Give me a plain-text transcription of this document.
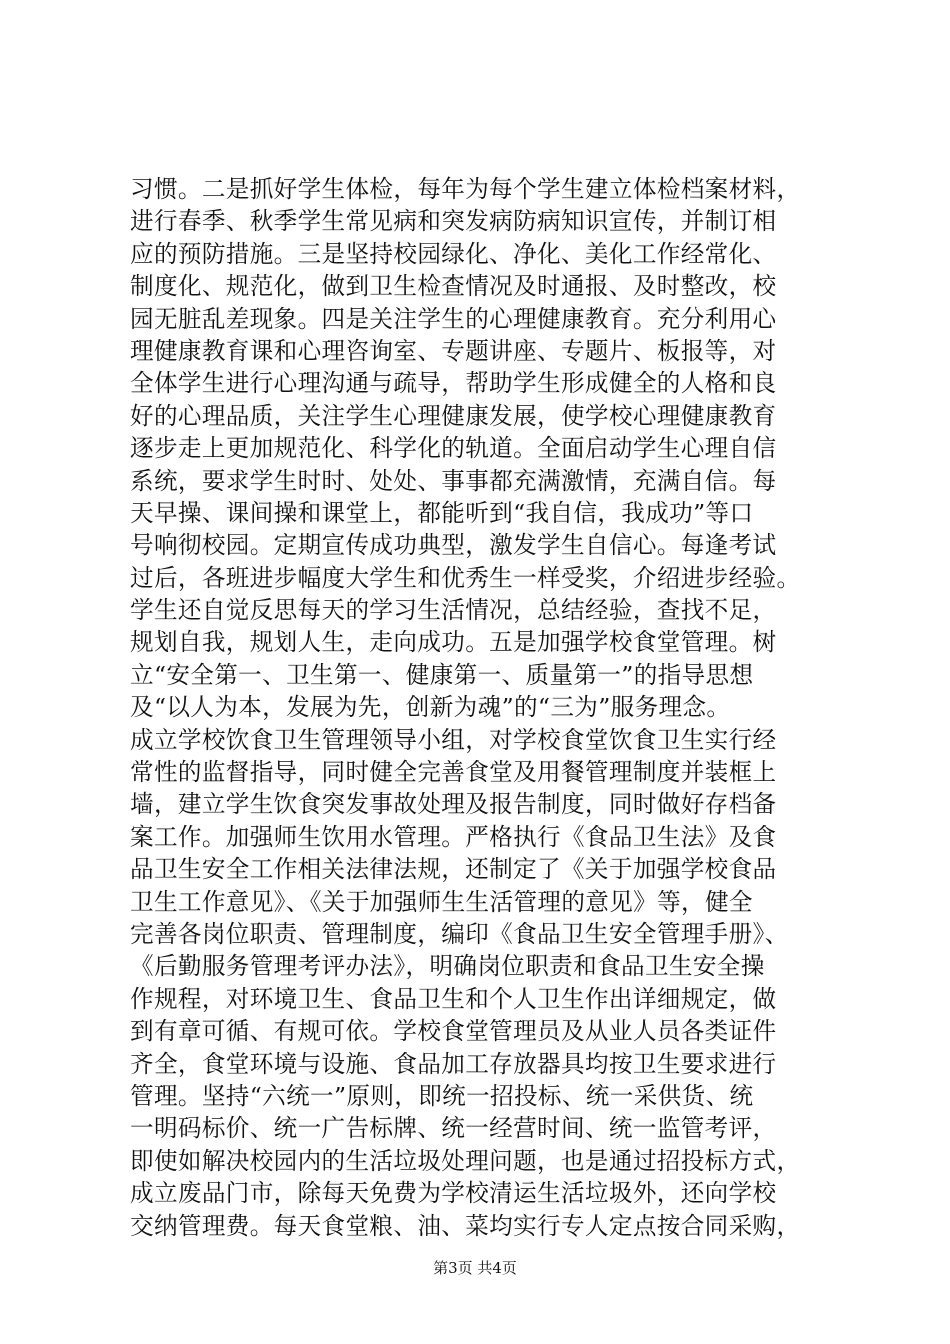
习惯。二是抓好学生体检，每年为每个学生建立体检档案材料，
进行春季、秋季学生常见病和突发病防病知识宣传，并制订相
应的预防措施。三是坚持校园绿化、净化、美化工作经常化、
制度化、规范化，做到卫生检查情况及时通报、及时整改，校
园无脏乱差现象。四是关注学生的心理健康教育。充分利用心
理健康教育课和心理咨询室、专题讲座、专题片、板报等，对
全体学生进行心理沟通与疏导，帮助学生形成健全的人格和良
好的心理品质，关注学生心理健康发展，使学校心理健康教育
逐步走上更加规范化、科学化的轨道。全面启动学生心理自信
系统，要求学生时时、处处、事事都充满激情，充满自信。每
天早操、课间操和课堂上，都能听到“我自信，我成功”等口
号响彻校园。定期宣传成功典型，激发学生自信心。每逢考试
过后，各班进步幅度大学生和优秀生一样受奖，介绍进步经验。
学生还自觉反思每天的学习生活情况，总结经验，查找不足，
规划自我，规划人生，走向成功。五是加强学校食堂管理。树
立“安全第一、卫生第一、健康第一、质量第一”的指导思想
及“以人为本，发展为先，创新为魂”的“三为”服务理念。
成立学校饮食卫生管理领导小组，对学校食堂饮食卫生实行经
常性的监督指导，同时健全完善食堂及用餐管理制度并装框上
墙，建立学生饮食突发事故处理及报告制度，同时做好存档备
案工作。加强师生饮用水管理。严格执行《食品卫生法》及食
品卫生安全工作相关法律法规，还制定了《关于加强学校食品
卫生工作意见》、《关于加强师生生活管理的意见》等，健全
完善各岗位职责、管理制度，编印《食品卫生安全管理手册》、
《后勤服务管理考评办法》，明确岗位职责和食品卫生安全操
作规程，对环境卫生、食品卫生和个人卫生作出详细规定，做
到有章可循、有规可依。学校食堂管理员及从业人员各类证件
齐全，食堂环境与设施、食品加工存放器具均按卫生要求进行
管理。坚持“六统一”原则，即统一招投标、统一采供货、统
一明码标价、统一广告标牌、统一经营时间、统一监管考评，
即使如解决校园内的生活垃圾处理问题，也是通过招投标方式，
成立废品门市，除每天免费为学校清运生活垃圾外，还向学校
交纳管理费。每天食堂粮、油、菜均实行专人定点按合同采购，
第3页 共4页
